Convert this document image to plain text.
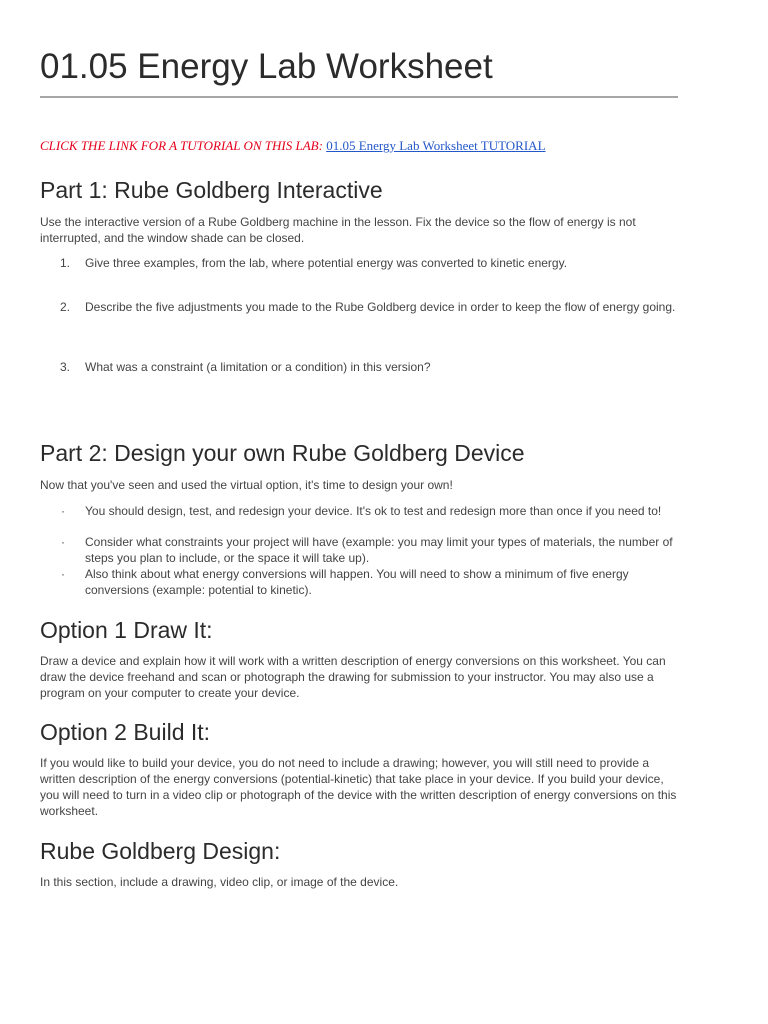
01.05 Energy Lab Worksheet
CLICK THE LINK FOR A TUTORIAL ON THIS LAB: 01.05 Energy Lab Worksheet TUTORIAL
Part 1: Rube Goldberg Interactive

Use the interactive version of a Rube Goldberg machine in the lesson. Fix the device so the flow of energy is not interrupted, and the window shade can be closed.

1. Give three examples, from the lab, where potential energy was converted to kinetic energy.
2. Describe the five adjustments you made to the Rube Goldberg device in order to keep the flow of energy going.
3. What was a constraint (a limitation or a condition) in this version?
Part 2: Design your own Rube Goldberg Device

Now that you've seen and used the virtual option, it's time to design your own!

· You should design, test, and redesign your device. It's ok to test and redesign more than once if you need to!
· Consider what constraints your project will have (example: you may limit your types of materials, the number of steps you plan to include, or the space it will take up).
· Also think about what energy conversions will happen. You will need to show a minimum of five energy conversions (example: potential to kinetic).
Option 1 Draw It:

Draw a device and explain how it will work with a written description of energy conversions on this worksheet. You can draw the device freehand and scan or photograph the drawing for submission to your instructor. You may also use a program on your computer to create your device.

Option 2 Build It:

If you would like to build your device, you do not need to include a drawing; however, you will still need to provide a written description of the energy conversions (potential-kinetic) that take place in your device. If you build your device, you will need to turn in a video clip or photograph of the device with the written description of energy conversions on this worksheet.

Rube Goldberg Design:

In this section, include a drawing, video clip, or image of the device.
